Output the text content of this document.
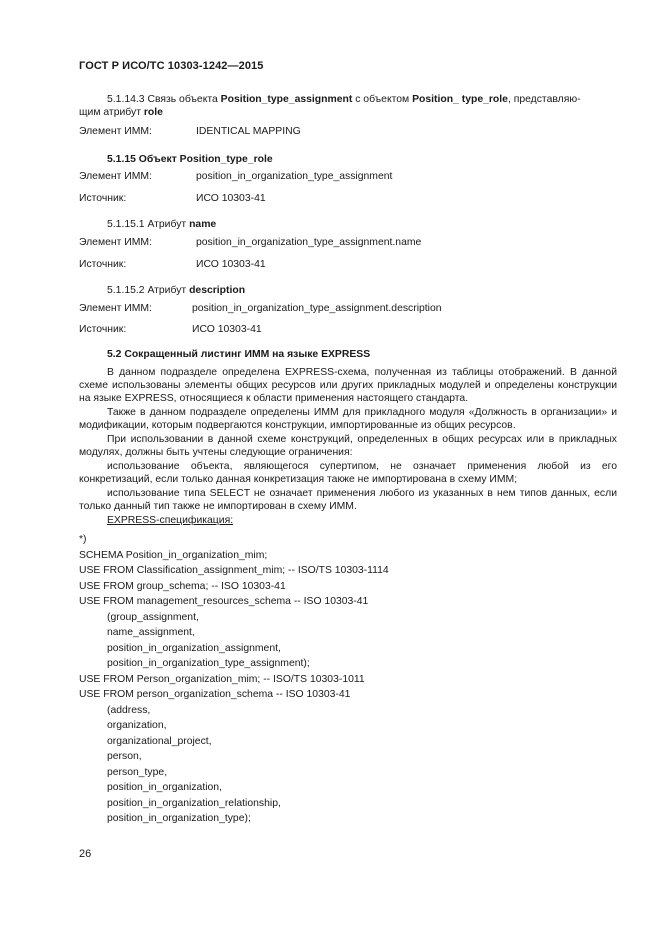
ГОСТ Р ИСО/ТС 10303-1242—2015
5.1.14.3 Связь объекта Position_type_assignment с объектом Position_ type_role, представляю-
щим атрибут role
Элемент ИММ:	IDENTICAL MAPPING
5.1.15 Объект Position_type_role
Элемент ИММ:	position_in_organization_type_assignment
Источник:	ИСО 10303-41
5.1.15.1 Атрибут name
Элемент ИММ:	position_in_organization_type_assignment.name
Источник:	ИСО 10303-41
5.1.15.2 Атрибут description
Элемент ИММ:	position_in_organization_type_assignment.description
Источник:	ИСО 10303-41
5.2 Сокращенный листинг ИММ на языке EXPRESS
В данном подразделе определена EXPRESS-схема, полученная из таблицы отображений. В данной схеме использованы элементы общих ресурсов или других прикладных модулей и определены конструкции на языке EXPRESS, относящиеся к области применения настоящего стандарта.
Также в данном подразделе определены ИММ для прикладного модуля «Должность в организации» и модификации, которым подвергаются конструкции, импортированные из общих ресурсов.
При использовании в данной схеме конструкций, определенных в общих ресурсах или в прикладных модулях, должны быть учтены следующие ограничения:
использование объекта, являющегося супертипом, не означает применения любой из его конкретизаций, если только данная конкретизация также не импортирована в схему ИММ;
использование типа SELECT не означает применения любого из указанных в нем типов данных, если только данный тип также не импортирован в схему ИММ.
EXPRESS-спецификация:
*)
SCHEMA Position_in_organization_mim;
USE FROM Classification_assignment_mim; -- ISO/TS 10303-1114
USE FROM group_schema; -- ISO 10303-41
USE FROM management_resources_schema -- ISO 10303-41
(group_assignment,
name_assignment,
position_in_organization_assignment,
position_in_organization_type_assignment);
USE FROM Person_organization_mim; -- ISO/TS 10303-1011
USE FROM person_organization_schema -- ISO 10303-41
(address,
organization,
organizational_project,
person,
person_type,
position_in_organization,
position_in_organization_relationship,
position_in_organization_type);
26
